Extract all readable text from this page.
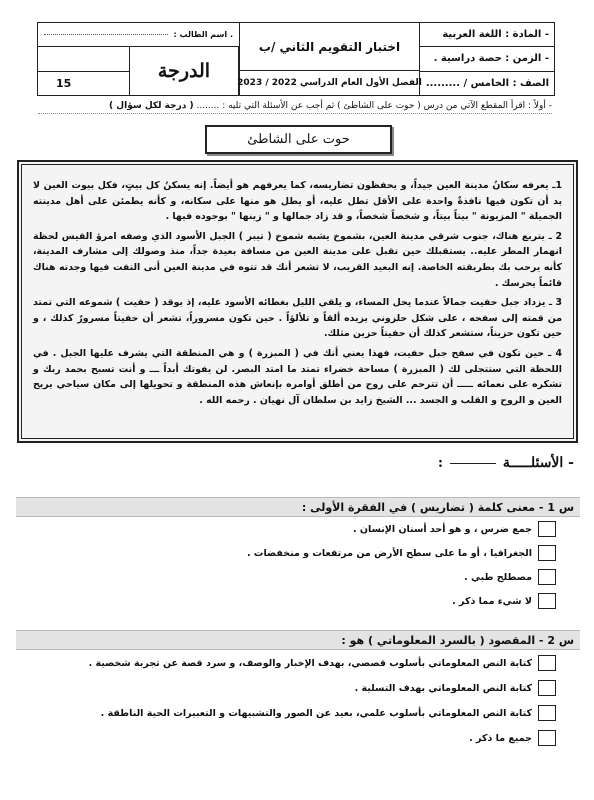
- المادة : اللغة العربية
- الزمن : حصة دراسية .
الصف : الخامس / .........
اختبار التقويم الثاني /ب
الفصل الأول العام الدراسي 2022 / 2023
. اسم الطالب :
الدرجة
15
- أولاً : اقرأ المقطع الآتي من درس ( حوت على الشاطئ ) ثم أجب عن الأسئلة التي تليه : ........ ( درجة لكل سؤال )
حوت على الشاطئ

1ـ يعرفه سكانُ مدينة العين جيداً، و يحفظون تضاريسه، كما يعرفهم هو أيضاً. إنه يسكنُ كل بيتٍ، فكل بيوت العين لا بد أن تكون فيها نافذةٌ واحدة على الأقل تطل عليه، أو يطل هو منها على سكانه، و كأنه يطمئن على أهل مدينته الجميلة " المزيونة " بيتاً بيتاً، و شخصاً شخصاً، و قد زاد جمالها و " زينها " بوجوده فيها .

2 ـ يتربع هناك، جنوب شرقي مدينة العين، بشموخ يشبه شموخ ( تيبر ) الجبل الأسود الذي وصفه امرؤ القيس لحظة انهمار المطر عليه.. يستقبلك حين تقبل على مدينة العين من مسافة بعيدة جداً، منذ وصولك إلى مشارف المدينة، كأنه يرحب بك بطريقته الخاصة. إنه البعيد القريب، لا تشعر أنك قد تتوه في مدينة العين أنى التفت فيها وجدته هناك قائماً يحرسك .

3 ـ يزداد جبل حفيت جمالاً عندما يحل المساء، و يلقي الليل بغطائه الأسود عليه، إذ يوقد ( حفيت ) شموعه التي تمتد من قمته إلى سفحه ، على شكل حلزوني يزيده ألقاً و تلألؤاً . حين تكون مسروراً، تشعر أن حفيتاً مسرورٌ كذلك ، و حين تكون حزيناً، ستشعر كذلك أن حفيتاً حزين مثلك.

4 ـ حين تكون في سفح جبل حفيت، فهذا يعني أنك في ( المبزرة ) و هي المنطقة التي يشرف عليها الجبل . في اللحظة التي ستتجلى لك ( المبزرة ) مساحة خضراء تمتد ما امتد البصر. لن يفوتك أبداً ـــ و أنت تسبح بحمد ربك و تشكره على نعمائه ـــــ أن تترحم على روح من أطلق أوامره بإنعاش هذه المنطقة و تحويلها إلى مكان سياحي يريح العين و الروح و القلب و الجسد ... الشيخ زايد بن سلطان آل نهيان . رحمه الله .

- الأسئلـــــة  :
س 1 - معنى كلمة ( تضاريس ) في الفقرة الأولى :
جمع ضرس ، و هو أحد أسنان الإنسان .
الجغرافيا ، أو ما على سطح الأرض من مرتفعات و منخفضات .
مصطلح طبي .
لا شيء مما ذكر .
س 2 - المقصود ( بالسرد المعلوماتي ) هو :
كتابة النص المعلوماتي بأسلوب قصصي، بهدف الإخبار والوصف، و سرد قصة عن تجربة شخصية .
كتابة النص المعلوماتي بهدف التسلية .
كتابة النص المعلوماتي بأسلوب علمي، بعيد عن الصور والتشبيهات و التعبيرات الحية الناطقة .
جميع ما ذكر .
